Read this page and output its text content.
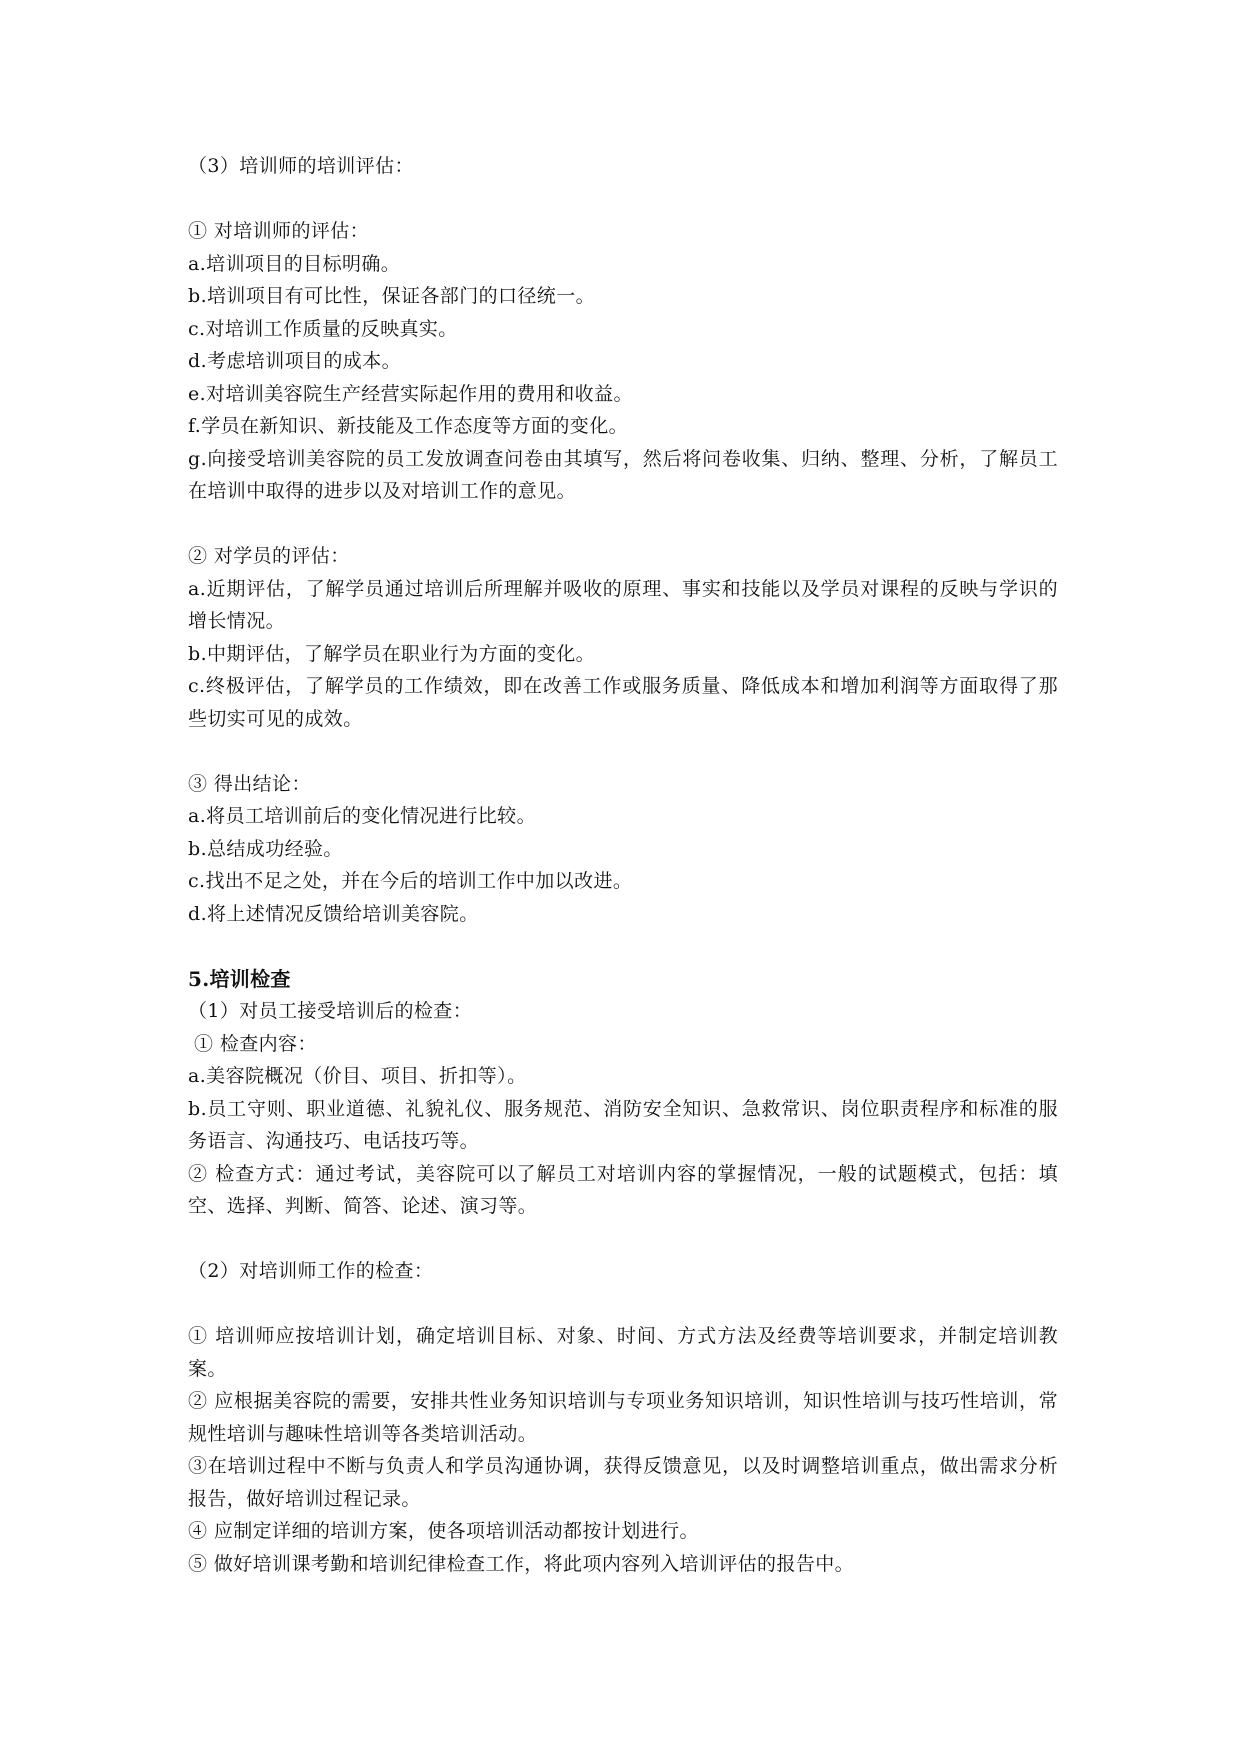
（3）培训师的培训评估：

① 对培训师的评估：

a.培训项目的目标明确。

b.培训项目有可比性，保证各部门的口径统一。

c.对培训工作质量的反映真实。

d.考虑培训项目的成本。

e.对培训美容院生产经营实际起作用的费用和收益。

f.学员在新知识、新技能及工作态度等方面的变化。

g.向接受培训美容院的员工发放调查问卷由其填写，然后将问卷收集、归纳、整理、分析，了解员工在培训中取得的进步以及对培训工作的意见。

② 对学员的评估：

a.近期评估，了解学员通过培训后所理解并吸收的原理、事实和技能以及学员对课程的反映与学识的增长情况。

b.中期评估，了解学员在职业行为方面的变化。

c.终极评估，了解学员的工作绩效，即在改善工作或服务质量、降低成本和增加利润等方面取得了那些切实可见的成效。

③ 得出结论：

a.将员工培训前后的变化情况进行比较。

b.总结成功经验。

c.找出不足之处，并在今后的培训工作中加以改进。

d.将上述情况反馈给培训美容院。

5.培训检查

（1）对员工接受培训后的检查：

① 检查内容：

a.美容院概况（价目、项目、折扣等）。

b.员工守则、职业道德、礼貌礼仪、服务规范、消防安全知识、急救常识、岗位职责程序和标准的服务语言、沟通技巧、电话技巧等。

② 检查方式：通过考试，美容院可以了解员工对培训内容的掌握情况，一般的试题模式，包括：填空、选择、判断、简答、论述、演习等。

（2）对培训师工作的检查：

① 培训师应按培训计划，确定培训目标、对象、时间、方式方法及经费等培训要求，并制定培训教案。

② 应根据美容院的需要，安排共性业务知识培训与专项业务知识培训，知识性培训与技巧性培训，常规性培训与趣味性培训等各类培训活动。

③在培训过程中不断与负责人和学员沟通协调，获得反馈意见，以及时调整培训重点，做出需求分析报告，做好培训过程记录。

④ 应制定详细的培训方案，使各项培训活动都按计划进行。

⑤ 做好培训课考勤和培训纪律检查工作，将此项内容列入培训评估的报告中。
